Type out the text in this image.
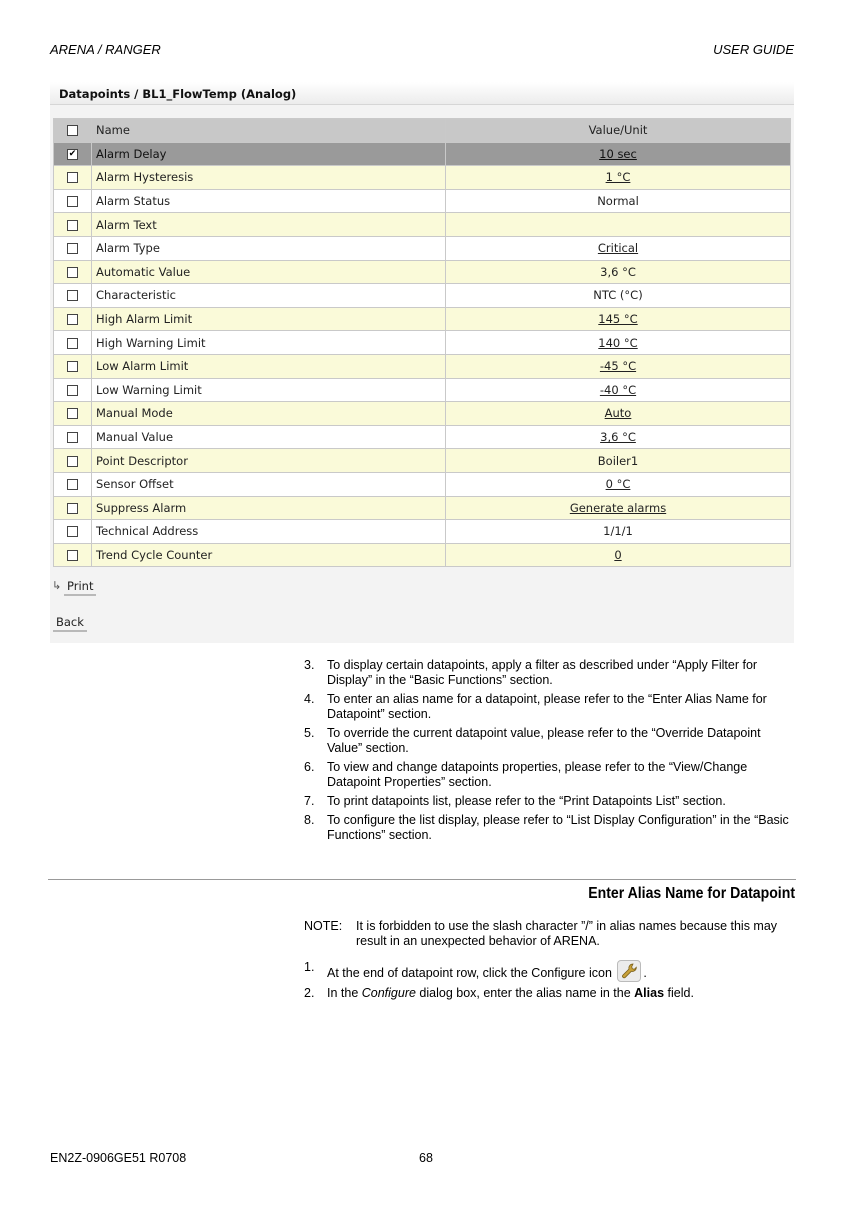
ARENA / RANGER	USER GUIDE
Datapoints / BL1_FlowTemp (Analog)
	Name	Value/Unit
✔	Alarm Delay	10 sec
	Alarm Hysteresis	1 °C
	Alarm Status	Normal
	Alarm Text	
	Alarm Type	Critical
	Automatic Value	3,6 °C
	Characteristic	NTC (°C)
	High Alarm Limit	145 °C
	High Warning Limit	140 °C
	Low Alarm Limit	-45 °C
	Low Warning Limit	-40 °C
	Manual Mode	Auto
	Manual Value	3,6 °C
	Point Descriptor	Boiler1
	Sensor Offset	0 °C
	Suppress Alarm	Generate alarms
	Technical Address	1/1/1
	Trend Cycle Counter	0
↳ Print
Back
3. To display certain datapoints, apply a filter as described under “Apply Filter for Display” in the “Basic Functions” section.
4. To enter an alias name for a datapoint, please refer to the “Enter Alias Name for Datapoint” section.
5. To override the current datapoint value, please refer to the “Override Datapoint Value” section.
6. To view and change datapoints properties, please refer to the “View/Change Datapoint Properties” section.
7. To print datapoints list, please refer to the “Print Datapoints List” section.
8. To configure the list display, please refer to “List Display Configuration” in the “Basic Functions” section.
Enter Alias Name for Datapoint
NOTE: It is forbidden to use the slash character ”/” in alias names because this may result in an unexpected behavior of ARENA.
1. At the end of datapoint row, click the Configure icon	.
2. In the Configure dialog box, enter the alias name in the Alias field.
EN2Z-0906GE51 R0708	68
